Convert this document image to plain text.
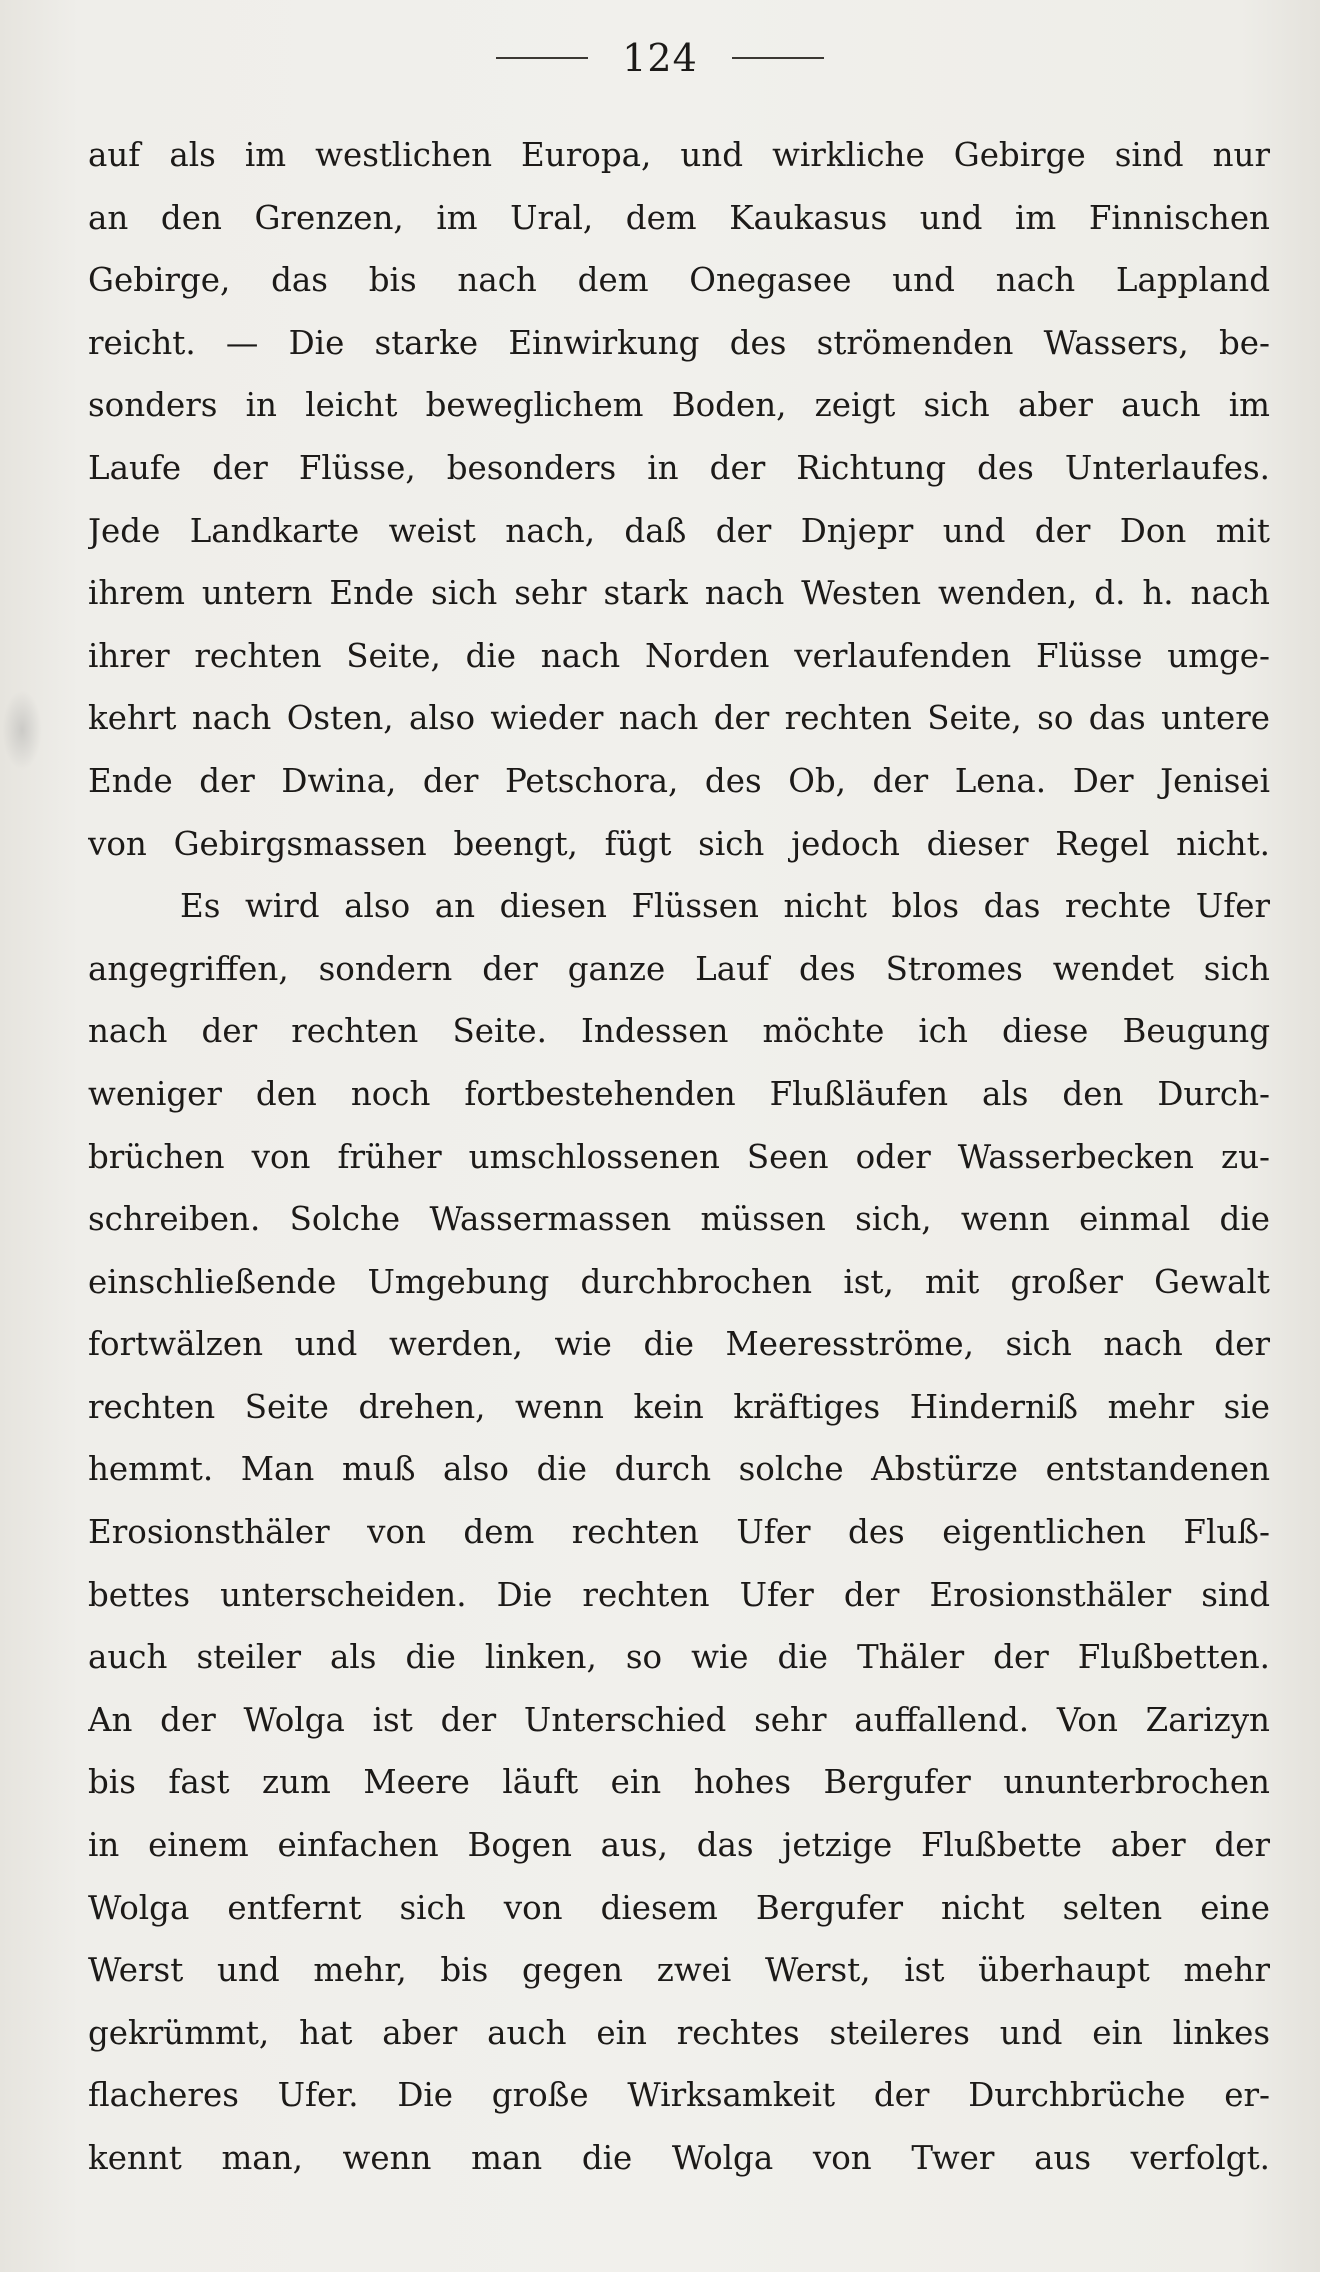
124
auf als im westlichen Europa, und wirkliche Gebirge sind nur
an den Grenzen, im Ural, dem Kaukasus und im Finnischen
Gebirge, das bis nach dem Onegasee und nach Lappland
reicht. — Die starke Einwirkung des strömenden Wassers, be-
sonders in leicht beweglichem Boden, zeigt sich aber auch im
Laufe der Flüsse, besonders in der Richtung des Unterlaufes.
Jede Landkarte weist nach, daß der Dnjepr und der Don mit
ihrem untern Ende sich sehr stark nach Westen wenden, d. h. nach
ihrer rechten Seite, die nach Norden verlaufenden Flüsse umge-
kehrt nach Osten, also wieder nach der rechten Seite, so das untere
Ende der Dwina, der Petschora, des Ob, der Lena. Der Jenisei
von Gebirgsmassen beengt, fügt sich jedoch dieser Regel nicht.
Es wird also an diesen Flüssen nicht blos das rechte Ufer
angegriffen, sondern der ganze Lauf des Stromes wendet sich
nach der rechten Seite. Indessen möchte ich diese Beugung
weniger den noch fortbestehenden Flußläufen als den Durch-
brüchen von früher umschlossenen Seen oder Wasserbecken zu-
schreiben. Solche Wassermassen müssen sich, wenn einmal die
einschließende Umgebung durchbrochen ist, mit großer Gewalt
fortwälzen und werden, wie die Meeresströme, sich nach der
rechten Seite drehen, wenn kein kräftiges Hinderniß mehr sie
hemmt. Man muß also die durch solche Abstürze entstandenen
Erosionsthäler von dem rechten Ufer des eigentlichen Fluß-
bettes unterscheiden. Die rechten Ufer der Erosionsthäler sind
auch steiler als die linken, so wie die Thäler der Flußbetten.
An der Wolga ist der Unterschied sehr auffallend. Von Zarizyn
bis fast zum Meere läuft ein hohes Bergufer ununterbrochen
in einem einfachen Bogen aus, das jetzige Flußbette aber der
Wolga entfernt sich von diesem Bergufer nicht selten eine
Werst und mehr, bis gegen zwei Werst, ist überhaupt mehr
gekrümmt, hat aber auch ein rechtes steileres und ein linkes
flacheres Ufer. Die große Wirksamkeit der Durchbrüche er-
kennt man, wenn man die Wolga von Twer aus verfolgt.
